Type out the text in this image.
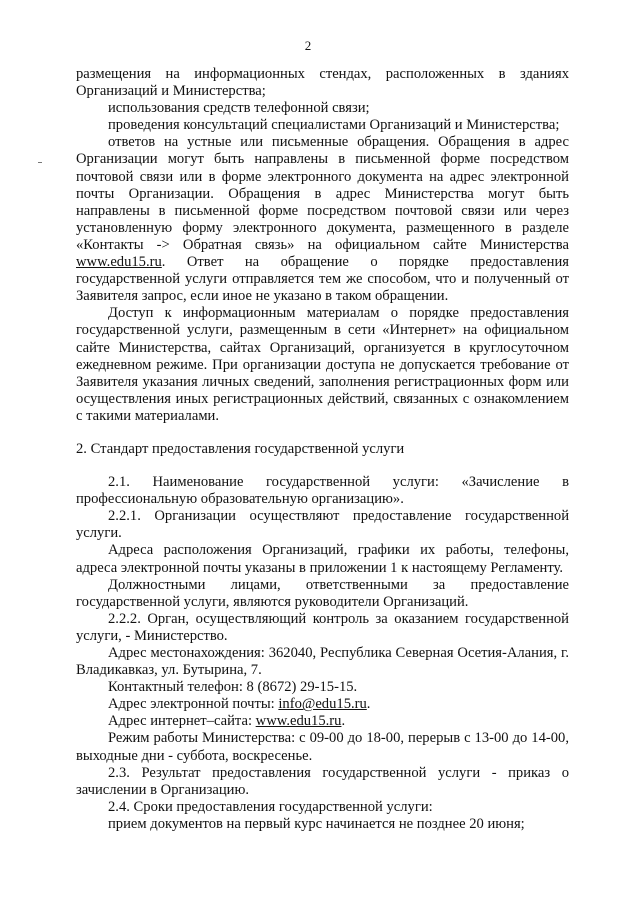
2

размещения на информационных стендах, расположенных в зданиях Организаций и Министерства;

использования средств телефонной связи;

проведения консультаций специалистами Организаций и Министерства;

ответов на устные или письменные обращения. Обращения в адрес Организации могут быть направлены в письменной форме посредством почтовой связи или в форме электронного документа на адрес электронной почты Организации. Обращения в адрес Министерства могут быть направлены в письменной форме посредством почтовой связи или через установленную форму электронного документа, размещенного в разделе «Контакты -> Обратная связь» на официальном сайте Министерства www.edu15.ru. Ответ на обращение о порядке предоставления государственной услуги отправляется тем же способом, что и полученный от Заявителя запрос, если иное не указано в таком обращении.

Доступ к информационным материалам о порядке предоставления государственной услуги, размещенным в сети «Интернет» на официальном сайте Министерства, сайтах Организаций, организуется в круглосуточном ежедневном режиме. При организации доступа не допускается требование от Заявителя указания личных сведений, заполнения регистрационных форм или осуществления иных регистрационных действий, связанных с ознакомлением с такими материалами.

2. Стандарт предоставления государственной услуги

2.1. Наименование государственной услуги: «Зачисление в профессиональную образовательную организацию».

2.2.1. Организации осуществляют предоставление государственной услуги.

Адреса расположения Организаций, графики их работы, телефоны, адреса электронной почты указаны в приложении 1 к настоящему Регламенту.

Должностными лицами, ответственными за предоставление государственной услуги, являются руководители Организаций.

2.2.2. Орган, осуществляющий контроль за оказанием государственной услуги, - Министерство.

Адрес местонахождения: 362040, Республика Северная Осетия-Алания, г. Владикавказ, ул. Бутырина, 7.

Контактный телефон: 8 (8672) 29-15-15.

Адрес электронной почты: info@edu15.ru.

Адрес интернет–сайта: www.edu15.ru.

Режим работы Министерства: с 09-00 до 18-00, перерыв с 13-00 до 14-00, выходные дни - суббота, воскресенье.

2.3. Результат предоставления государственной услуги - приказ о зачислении в Организацию.

2.4. Сроки предоставления государственной услуги:

прием документов на первый курс начинается не позднее 20 июня;
